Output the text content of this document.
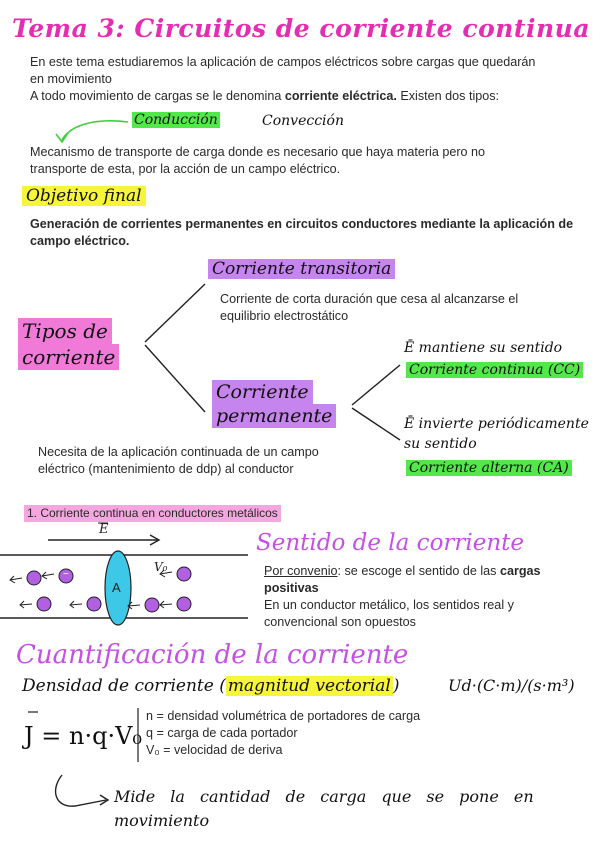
Tema 3: Circuitos de corriente continua
En este tema estudiaremos la aplicación de campos eléctricos sobre cargas que quedarán
en movimiento
A todo movimiento de cargas se le denomina corriente eléctrica. Existen dos tipos:
Conducción	Convección
Mecanismo de transporte de carga donde es necesario que haya materia pero no
transporte de esta, por la acción de un campo eléctrico.
Objetivo final
Generación de corrientes permanentes en circuitos conductores mediante la aplicación de
campo eléctrico.
Tipos de
corriente
Corriente transitoria
Corriente de corta duración que cesa al alcanzarse el
equilibrio electrostático
Corriente
permanente
Necesita de la aplicación continuada de un campo
eléctrico (mantenimiento de ddp) al conductor
Ē mantiene su sentido
Corriente continua (CC)
Ē invierte periódicamente
su sentido
Corriente alterna (CA)
1. Corriente continua en conductores metálicos
E
A
V₀
−
Sentido de la corriente
Por convenio: se escoge el sentido de las cargas
positivas
En un conductor metálico, los sentidos real y
convencional son opuestos
Cuantificación de la corriente
Densidad de corriente ( magnitud vectorial )	Ud·(C·m)/(s·m³)
J = n·q·V₀
n = densidad volumétrica de portadores de carga
q = carga de cada portador
V₀ = velocidad de deriva
Mide la cantidad de carga que se pone en
movimiento
